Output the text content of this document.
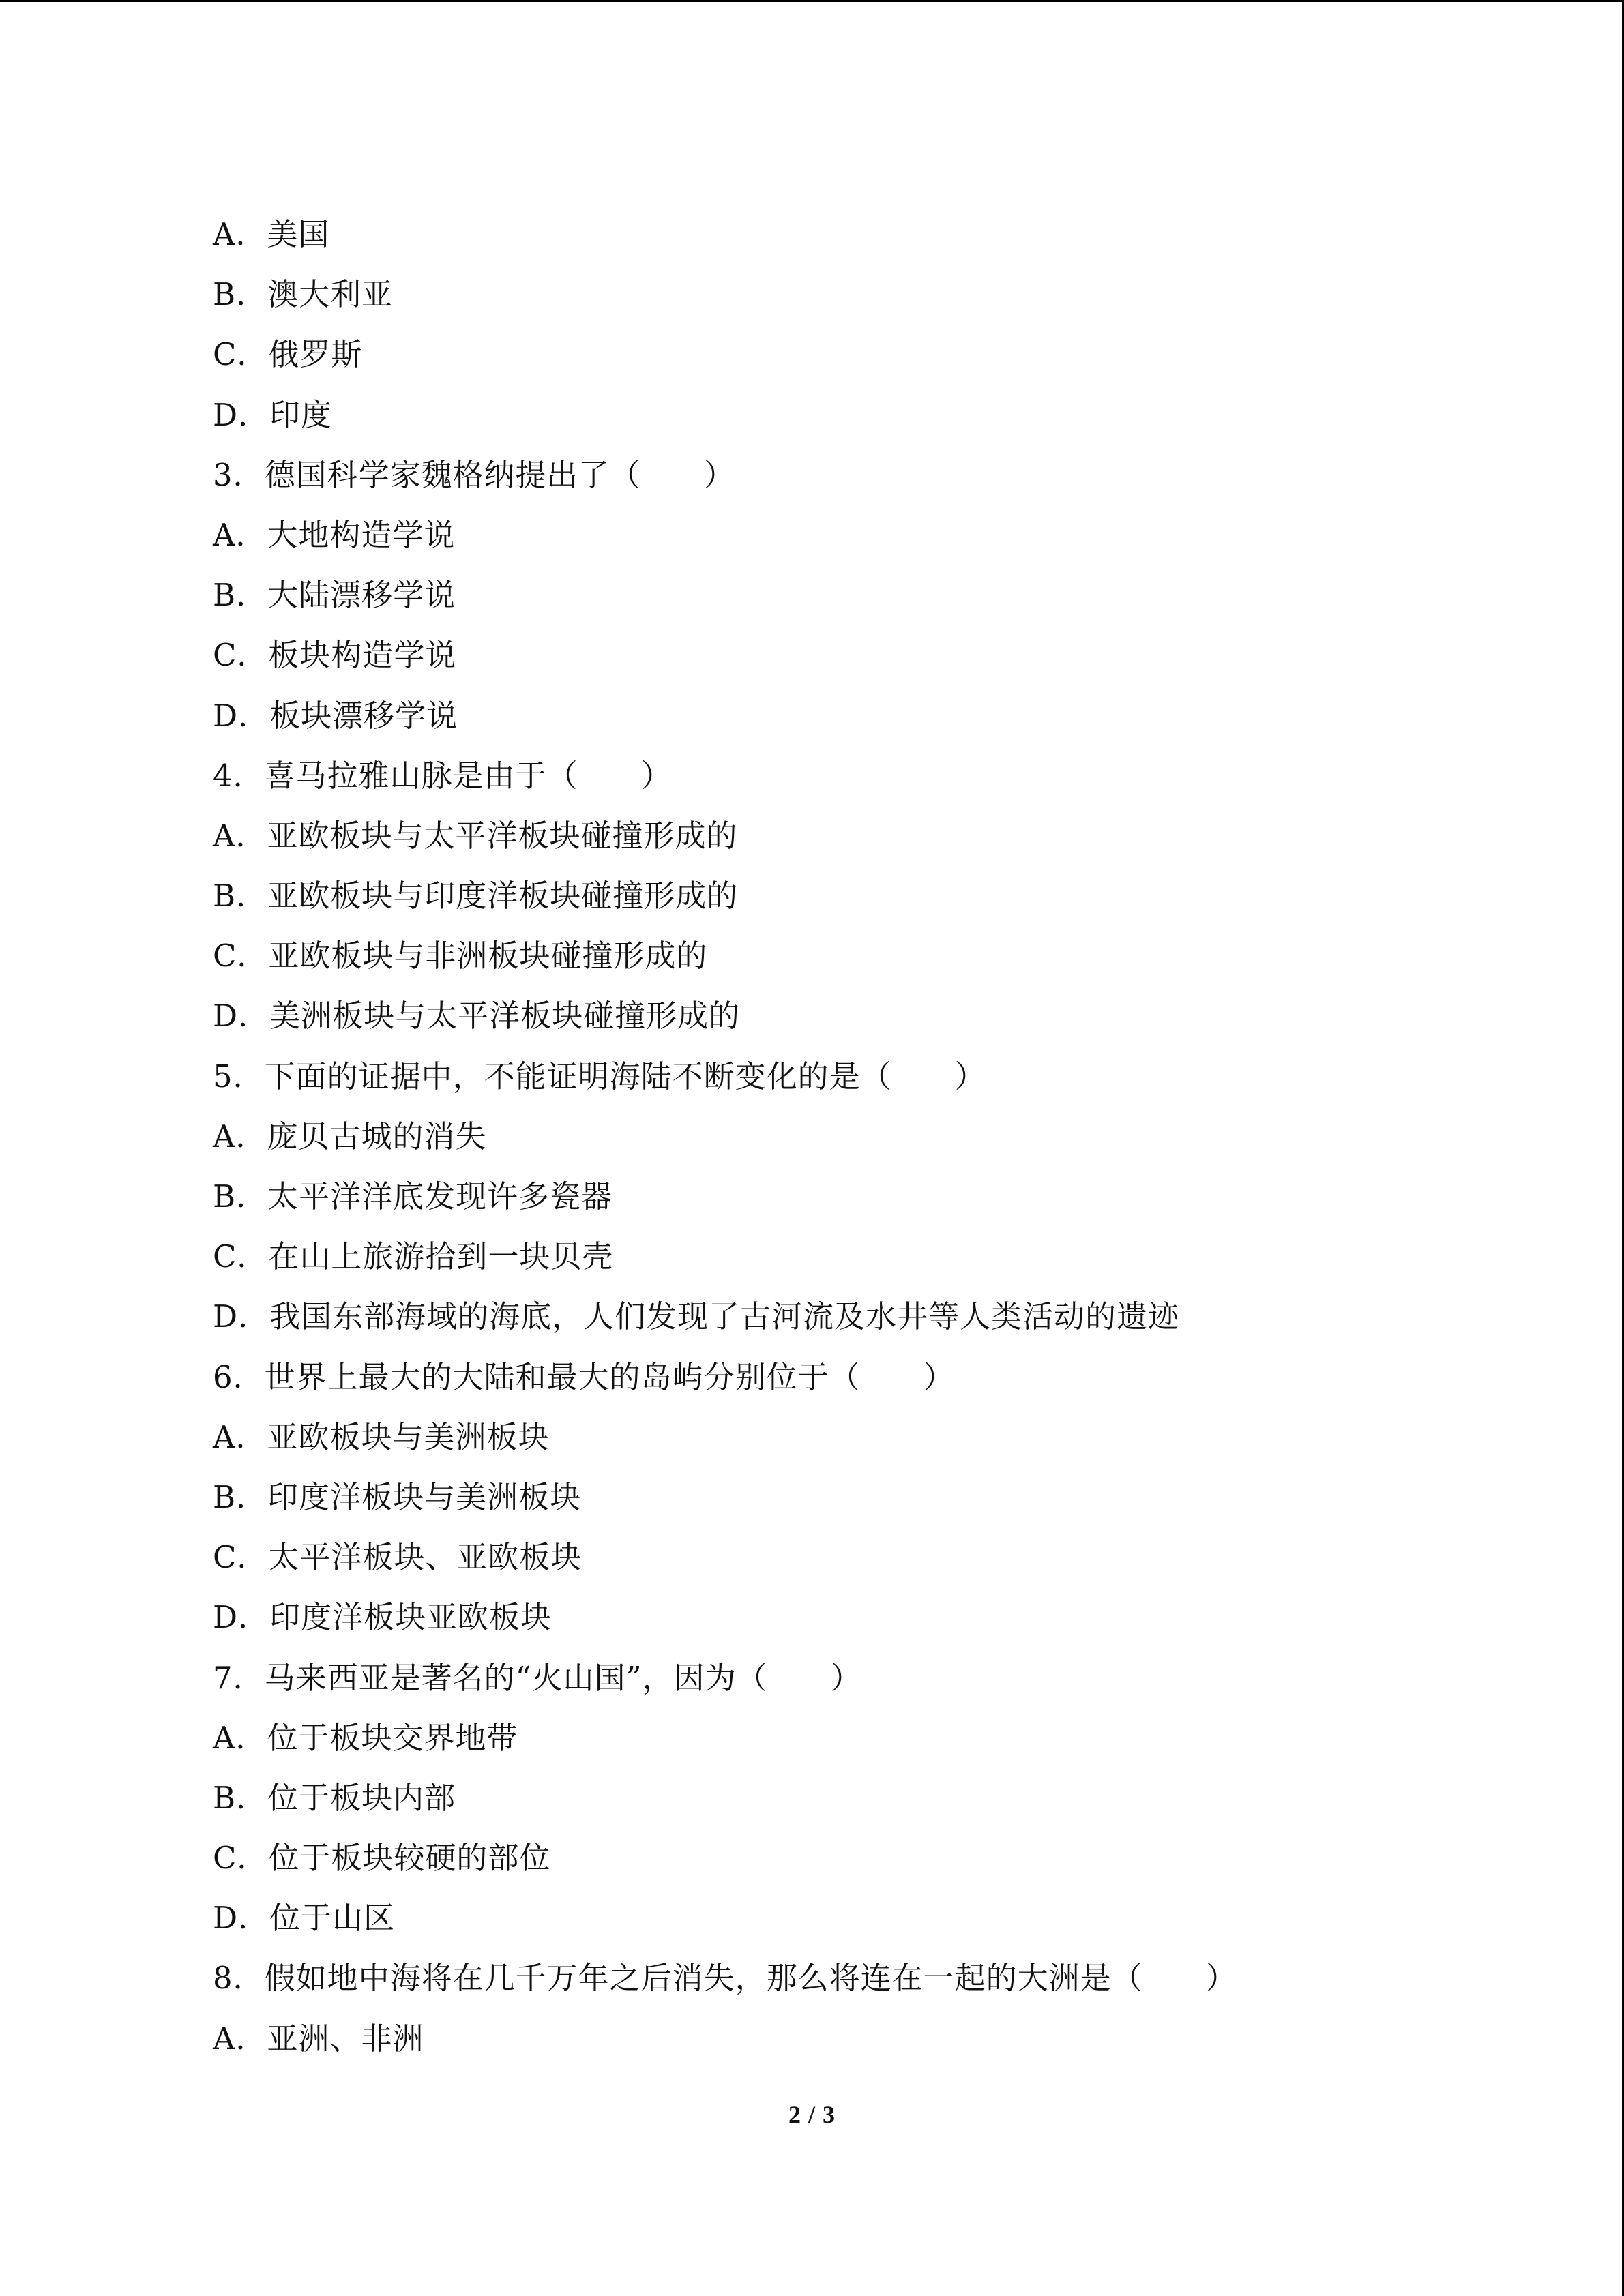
A．美国
B．澳大利亚
C．俄罗斯
D．印度
3．德国科学家魏格纳提出了（　　）
A．大地构造学说
B．大陆漂移学说
C．板块构造学说
D．板块漂移学说
4．喜马拉雅山脉是由于（　　）
A．亚欧板块与太平洋板块碰撞形成的
B．亚欧板块与印度洋板块碰撞形成的
C．亚欧板块与非洲板块碰撞形成的
D．美洲板块与太平洋板块碰撞形成的
5．下面的证据中，不能证明海陆不断变化的是（　　）
A．庞贝古城的消失
B．太平洋洋底发现许多瓷器
C．在山上旅游拾到一块贝壳
D．我国东部海域的海底，人们发现了古河流及水井等人类活动的遗迹
6．世界上最大的大陆和最大的岛屿分别位于（　　）
A．亚欧板块与美洲板块
B．印度洋板块与美洲板块
C．太平洋板块、亚欧板块
D．印度洋板块亚欧板块
7．马来西亚是著名的“火山国”，因为（　　）
A．位于板块交界地带
B．位于板块内部
C．位于板块较硬的部位
D．位于山区
8．假如地中海将在几千万年之后消失，那么将连在一起的大洲是（　　）
A．亚洲、非洲
2 / 3
